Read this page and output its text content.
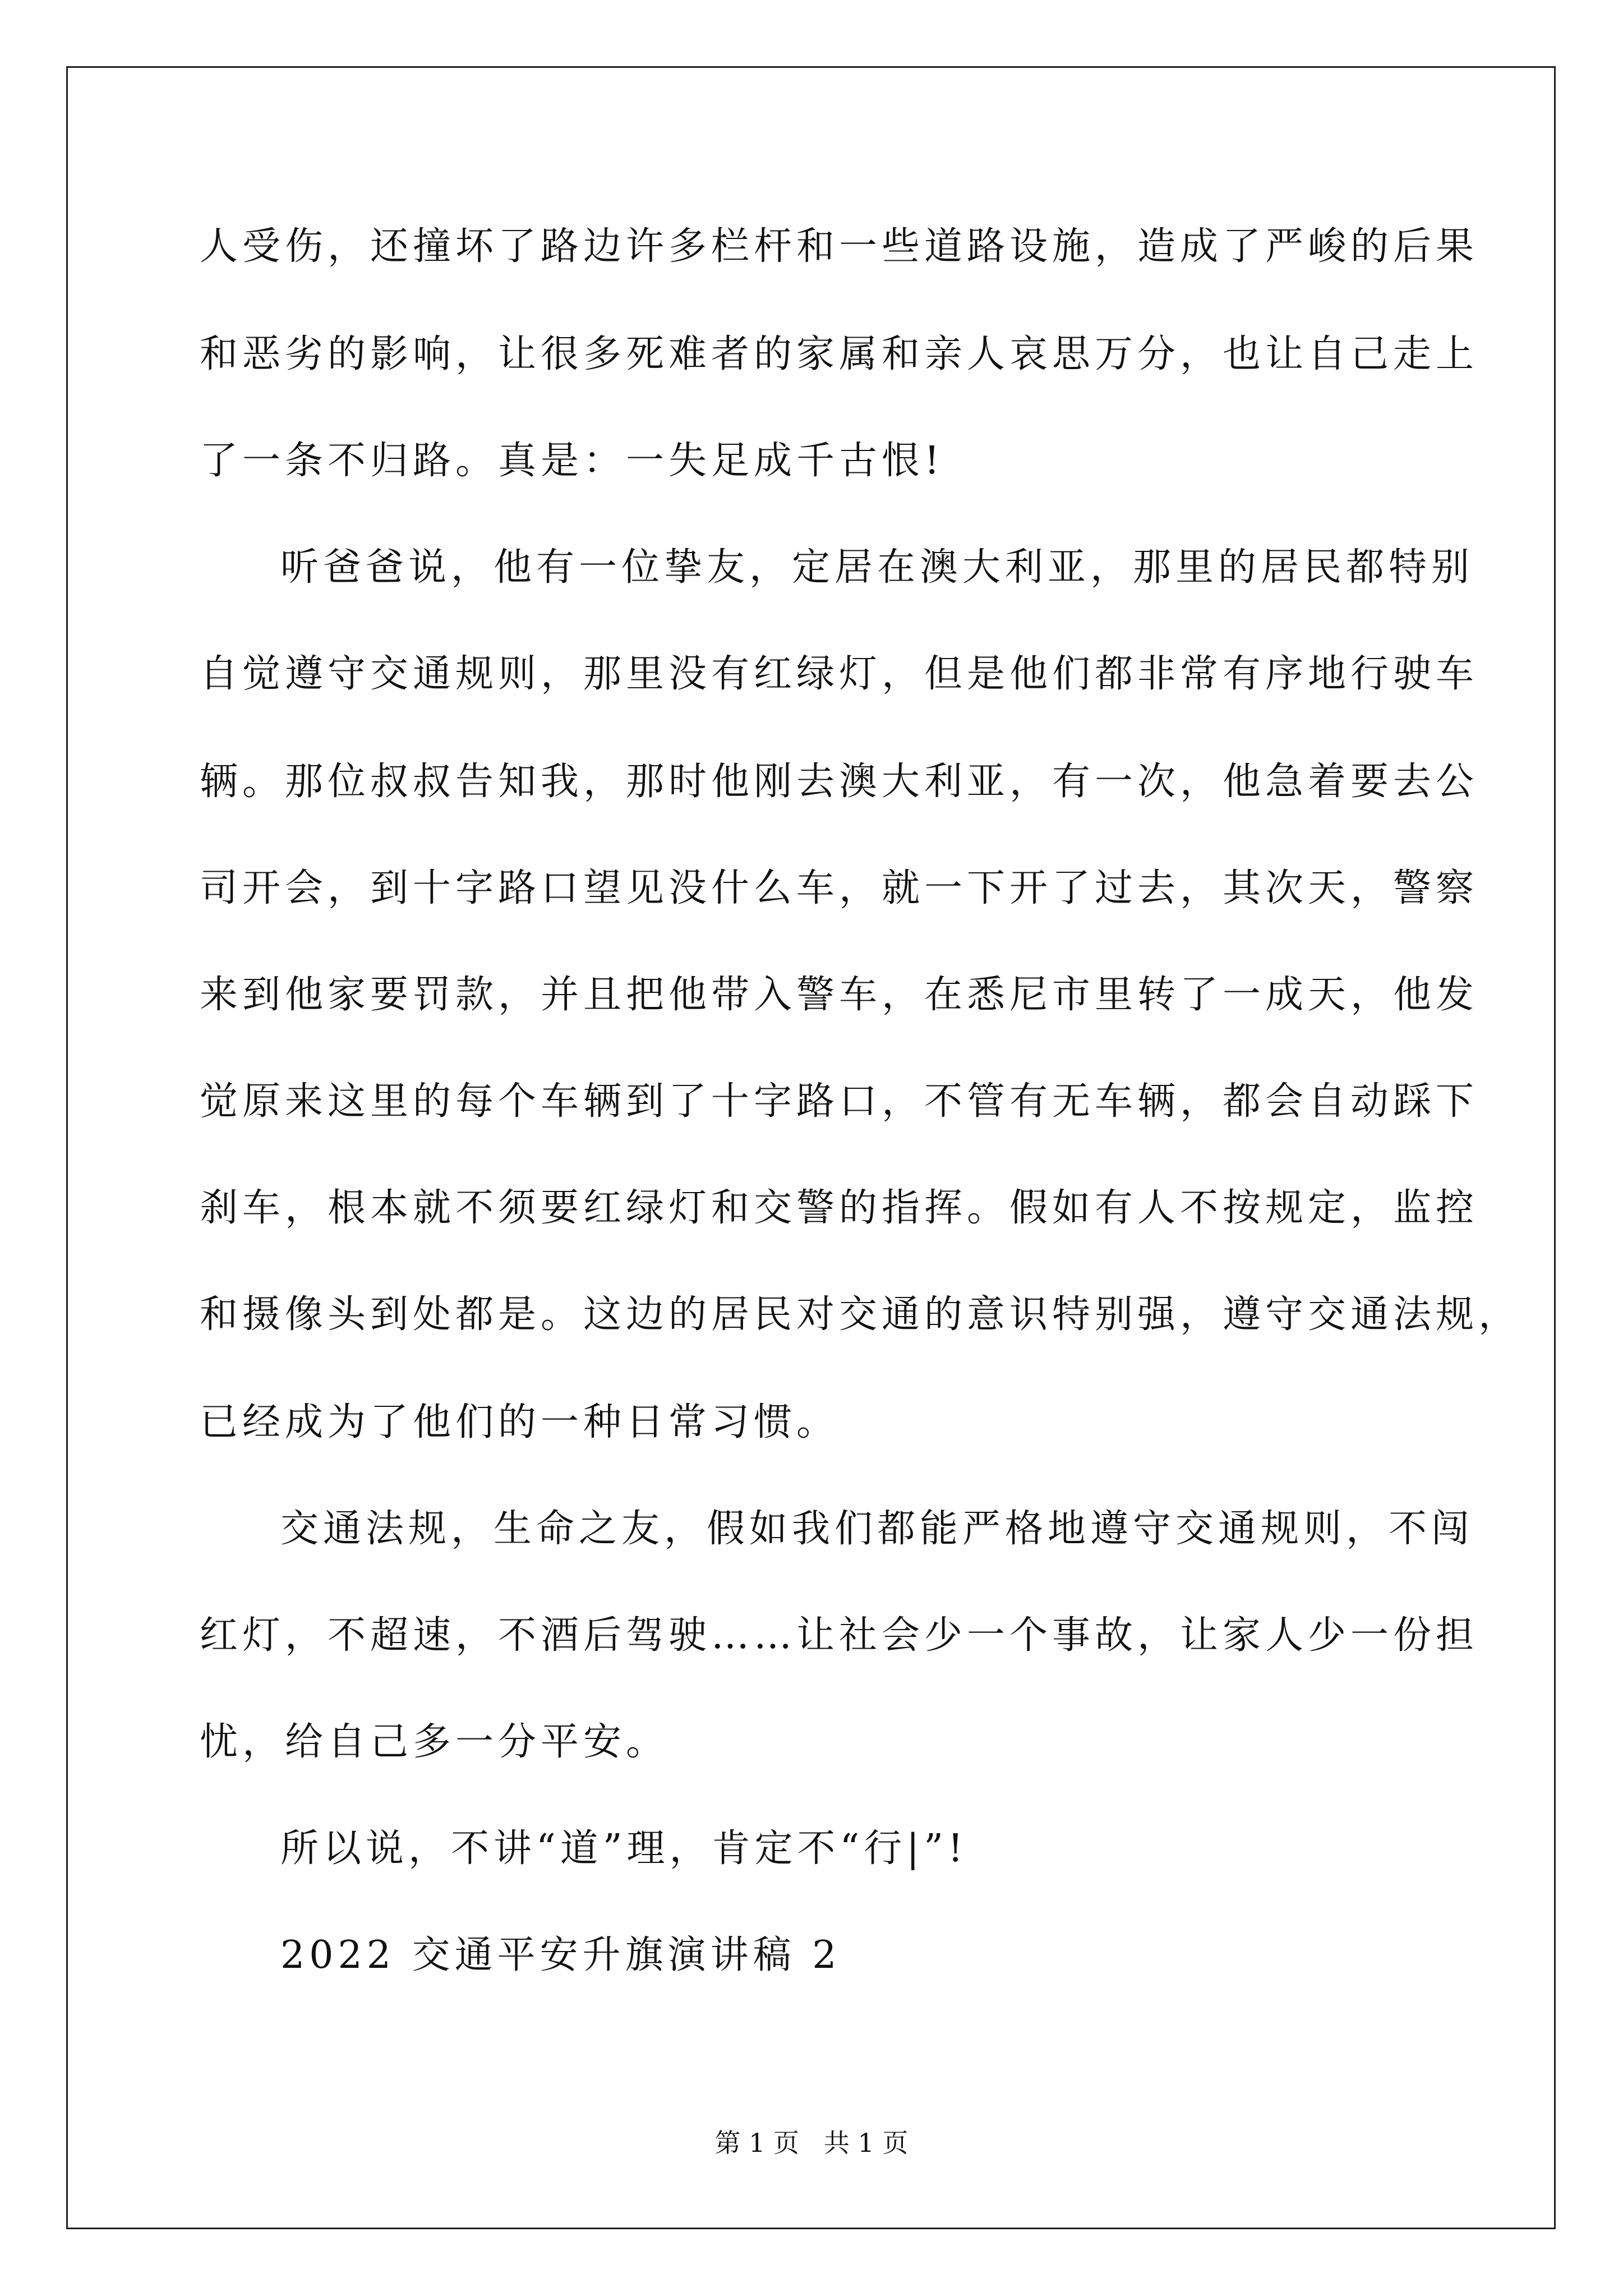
人受伤，还撞坏了路边许多栏杆和一些道路设施，造成了严峻的后果
和恶劣的影响，让很多死难者的家属和亲人哀思万分，也让自己走上
了一条不归路。真是：一失足成千古恨!
听爸爸说，他有一位挚友，定居在澳大利亚，那里的居民都特别
自觉遵守交通规则，那里没有红绿灯，但是他们都非常有序地行驶车
辆。那位叔叔告知我，那时他刚去澳大利亚，有一次，他急着要去公
司开会，到十字路口望见没什么车，就一下开了过去，其次天，警察
来到他家要罚款，并且把他带入警车，在悉尼市里转了一成天，他发
觉原来这里的每个车辆到了十字路口，不管有无车辆，都会自动踩下
刹车，根本就不须要红绿灯和交警的指挥。假如有人不按规定，监控
和摄像头到处都是。这边的居民对交通的意识特别强，遵守交通法规，
已经成为了他们的一种日常习惯。
交通法规，生命之友，假如我们都能严格地遵守交通规则，不闯
红灯，不超速，不酒后驾驶……让社会少一个事故，让家人少一份担
忧，给自己多一分平安。
所以说，不讲“道”理，肯定不“行|”!
2022 交通平安升旗演讲稿 2
第 1 页   共 1 页
